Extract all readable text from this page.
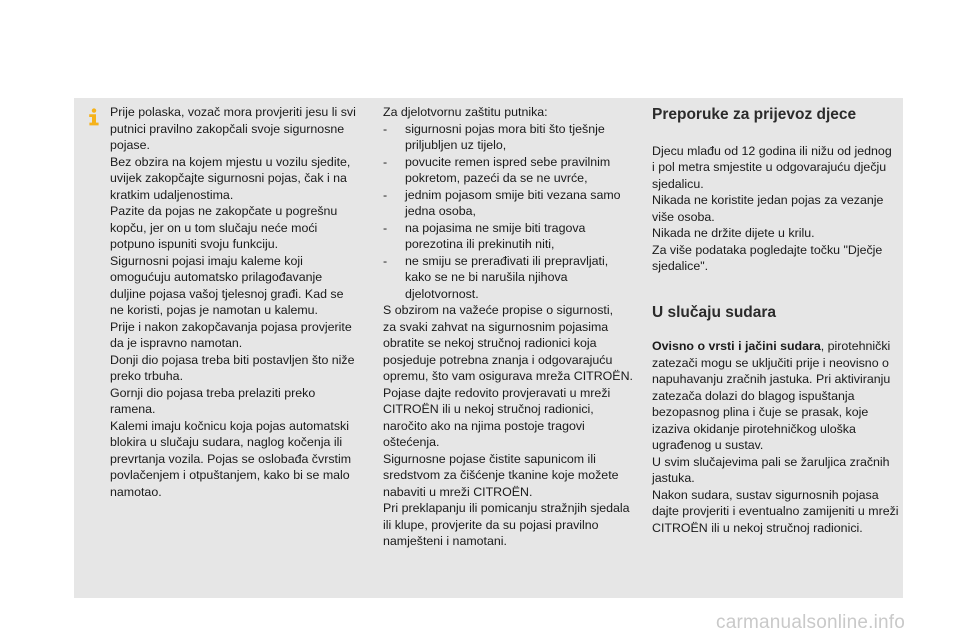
Prije polaska, vozač mora provjeriti jesu li svi

putnici pravilno zakopčali svoje sigurnosne

pojase.

Bez obzira na kojem mjestu u vozilu sjedite,

uvijek zakopčajte sigurnosni pojas, čak i na

kratkim udaljenostima.

Pazite da pojas ne zakopčate u pogrešnu

kopču, jer on u tom slučaju neće moći

potpuno ispuniti svoju funkciju.

Sigurnosni pojasi imaju kaleme koji

omogućuju automatsko prilagođavanje

duljine pojasa vašoj tjelesnoj građi. Kad se

ne koristi, pojas je namotan u kalemu.

Prije i nakon zakopčavanja pojasa provjerite

da je ispravno namotan.

Donji dio pojasa treba biti postavljen što niže

preko trbuha.

Gornji dio pojasa treba prelaziti preko

ramena.

Kalemi imaju kočnicu koja pojas automatski

blokira u slučaju sudara, naglog kočenja ili

prevrtanja vozila. Pojas se oslobađa čvrstim

povlačenjem i otpuštanjem, kako bi se malo

namotao.

Za djelotvornu zaštitu putnika:

- sigurnosni pojas mora biti što tješnje

priljubljen uz tijelo,

- povucite remen ispred sebe pravilnim

pokretom, pazeći da se ne uvrće,

- jednim pojasom smije biti vezana samo

jedna osoba,

- na pojasima ne smije biti tragova

porezotina ili prekinutih niti,

- ne smiju se prerađivati ili prepravljati,

kako se ne bi narušila njihova

djelotvornost.

S obzirom na važeće propise o sigurnosti,

za svaki zahvat na sigurnosnim pojasima

obratite se nekoj stručnoj radionici koja

posjeduje potrebna znanja i odgovarajuću

opremu, što vam osigurava mreža CITROËN.

Pojase dajte redovito provjeravati u mreži

CITROËN ili u nekoj stručnoj radionici,

naročito ako na njima postoje tragovi

oštećenja.

Sigurnosne pojase čistite sapunicom ili

sredstvom za čišćenje tkanine koje možete

nabaviti u mreži CITROËN.

Pri preklapanju ili pomicanju stražnjih sjedala

ili klupe, provjerite da su pojasi pravilno

namješteni i namotani.

Preporuke za prijevoz djece

Djecu mlađu od 12 godina ili nižu od jednog

i pol metra smjestite u odgovarajuću dječju

sjedalicu.

Nikada ne koristite jedan pojas za vezanje

više osoba.

Nikada ne držite dijete u krilu.

Za više podataka pogledajte točku "Dječje

sjedalice".

U slučaju sudara

Ovisno o vrsti i jačini sudara, pirotehnički

zatezači mogu se uključiti prije i neovisno o

napuhavanju zračnih jastuka. Pri aktiviranju

zatezača dolazi do blagog ispuštanja

bezopasnog plina i čuje se prasak, koje

izaziva okidanje pirotehničkog uloška

ugrađenog u sustav.

U svim slučajevima pali se žaruljica zračnih

jastuka.

Nakon sudara, sustav sigurnosnih pojasa

dajte provjeriti i eventualno zamijeniti u mreži

CITROËN ili u nekoj stručnoj radionici.

carmanualsonline.info
